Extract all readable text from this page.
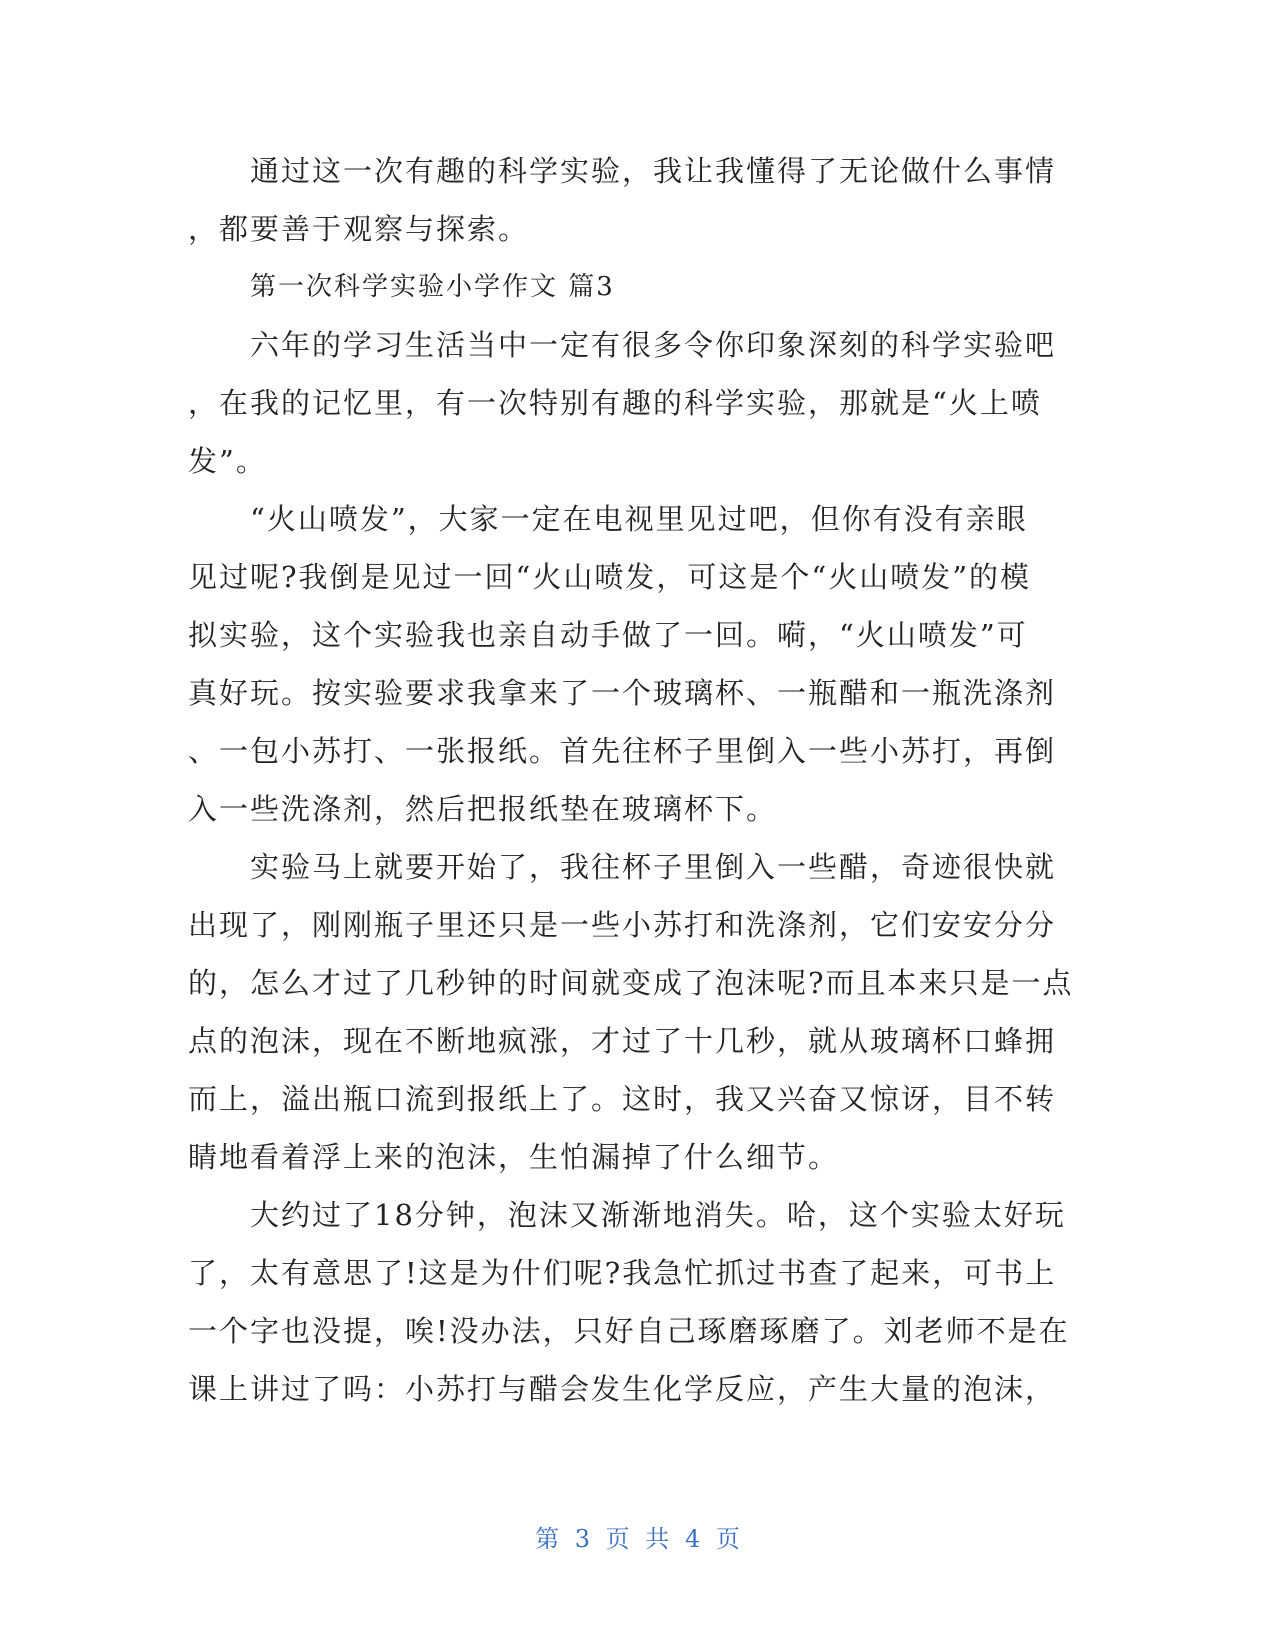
通过这一次有趣的科学实验，我让我懂得了无论做什么事情
，都要善于观察与探索。
第一次科学实验小学作文 篇3
六年的学习生活当中一定有很多令你印象深刻的科学实验吧
，在我的记忆里，有一次特别有趣的科学实验，那就是“火上喷
发”。
“火山喷发”，大家一定在电视里见过吧，但你有没有亲眼
见过呢?我倒是见过一回“火山喷发，可这是个“火山喷发”的模
拟实验，这个实验我也亲自动手做了一回。嗬，“火山喷发”可
真好玩。按实验要求我拿来了一个玻璃杯、一瓶醋和一瓶洗涤剂
、一包小苏打、一张报纸。首先往杯子里倒入一些小苏打，再倒
入一些洗涤剂，然后把报纸垫在玻璃杯下。
实验马上就要开始了，我往杯子里倒入一些醋，奇迹很快就
出现了，刚刚瓶子里还只是一些小苏打和洗涤剂，它们安安分分
的，怎么才过了几秒钟的时间就变成了泡沫呢?而且本来只是一点
点的泡沫，现在不断地疯涨，才过了十几秒，就从玻璃杯口蜂拥
而上，溢出瓶口流到报纸上了。这时，我又兴奋又惊讶，目不转
睛地看着浮上来的泡沫，生怕漏掉了什么细节。
大约过了18分钟，泡沫又渐渐地消失。哈，这个实验太好玩
了，太有意思了!这是为什们呢?我急忙抓过书查了起来，可书上
一个字也没提，唉!没办法，只好自己琢磨琢磨了。刘老师不是在
课上讲过了吗：小苏打与醋会发生化学反应，产生大量的泡沫，
第 3 页 共 4 页
